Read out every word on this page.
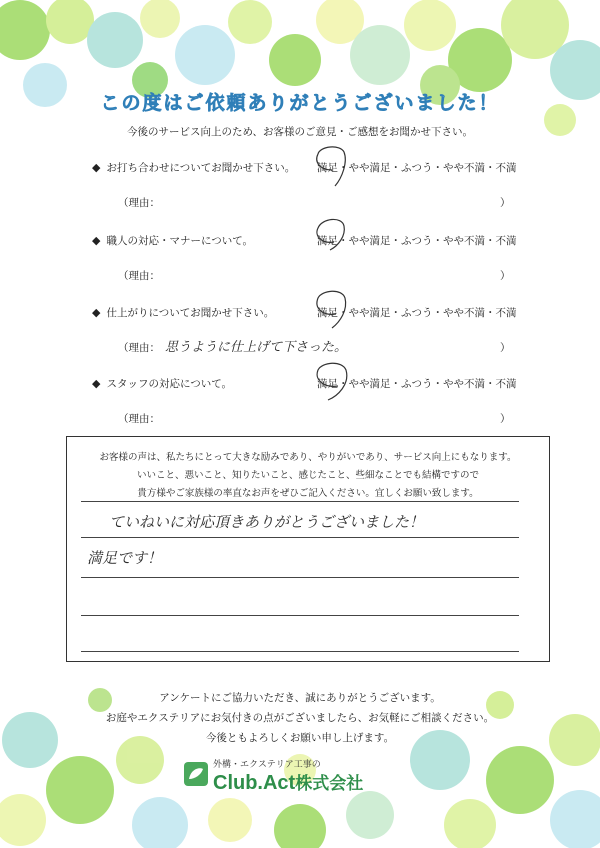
この度はご依頼ありがとうございました！
今後のサービス向上のため、お客様のご意見・ご感想をお聞かせ下さい。
◆ お打ち合わせについてお聞かせ下さい。 満足・やや満足・ふつう・やや不満・不満
（理由：	）
◆ 職人の対応・マナーについて。	満足・やや満足・ふつう・やや不満・不満
（理由：	）
◆ 仕上がりについてお聞かせ下さい。	満足・やや満足・ふつう・やや不満・不満
（理由： 思うように仕上げて下さった。	）
◆ スタッフの対応について。	満足・やや満足・ふつう・やや不満・不満
（理由：	）
お客様の声は、私たちにとって大きな励みであり、やりがいであり、サービス向上にもなります。
いいこと、悪いこと、知りたいこと、感じたこと、些細なことでも結構ですので
貴方様やご家族様の率直なお声をぜひご記入ください。宜しくお願い致します。
ていねいに対応頂きありがとうございました！
満足です！
アンケートにご協力いただき、誠にありがとうございます。
お庭やエクステリアにお気付きの点がございましたら、お気軽にご相談ください。
今後ともよろしくお願い申し上げます。
外構・エクステリア工事の
Club.Act株式会社
